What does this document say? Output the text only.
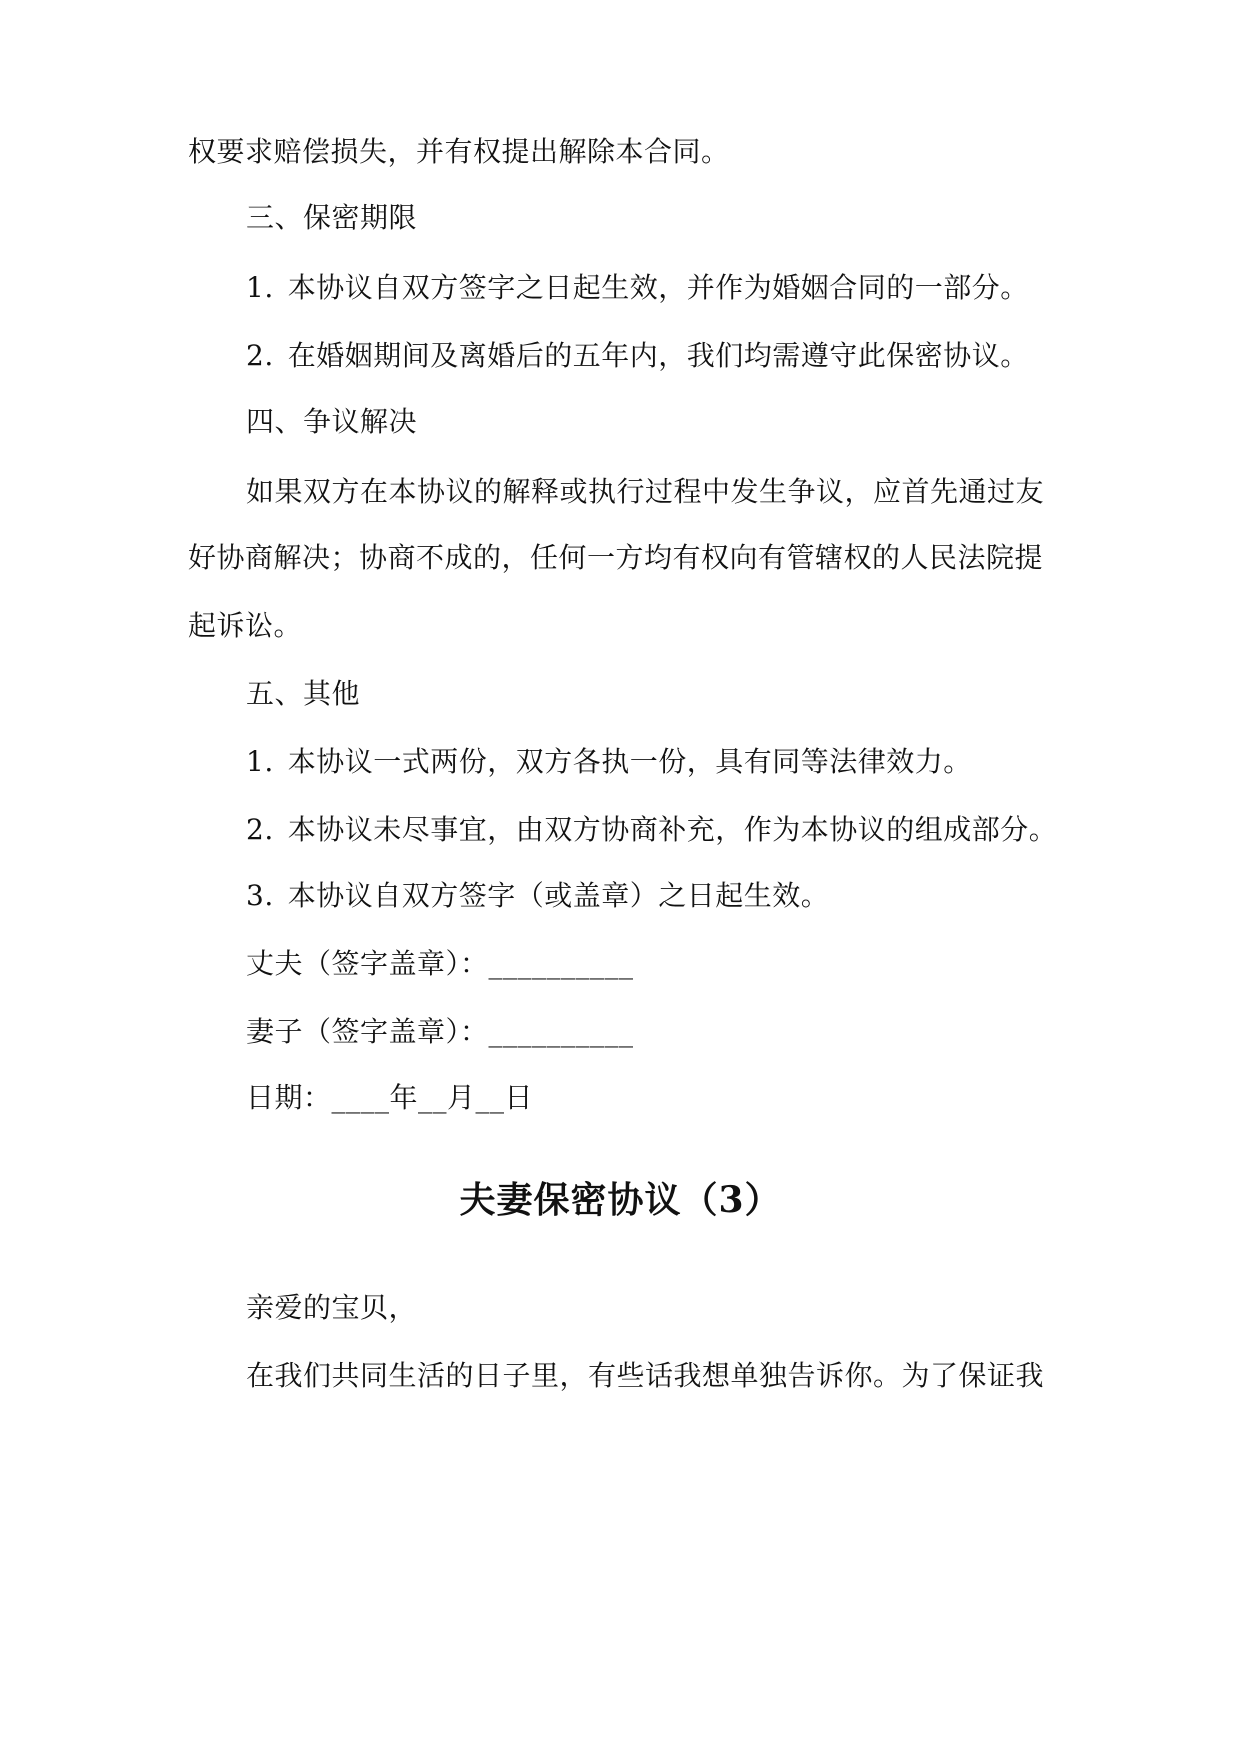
权要求赔偿损失，并有权提出解除本合同。
三、保密期限
1. 本协议自双方签字之日起生效，并作为婚姻合同的一部分。
2. 在婚姻期间及离婚后的五年内，我们均需遵守此保密协议。
四、争议解决
如果双方在本协议的解释或执行过程中发生争议，应首先通过友
好协商解决；协商不成的，任何一方均有权向有管辖权的人民法院提
起诉讼。
五、其他
1. 本协议一式两份，双方各执一份，具有同等法律效力。
2. 本协议未尽事宜，由双方协商补充，作为本协议的组成部分。
3. 本协议自双方签字（或盖章）之日起生效。
丈夫（签字盖章）：__________
妻子（签字盖章）：__________
日期：____年__月__日
夫妻保密协议（3）
亲爱的宝贝，
在我们共同生活的日子里，有些话我想单独告诉你。为了保证我
